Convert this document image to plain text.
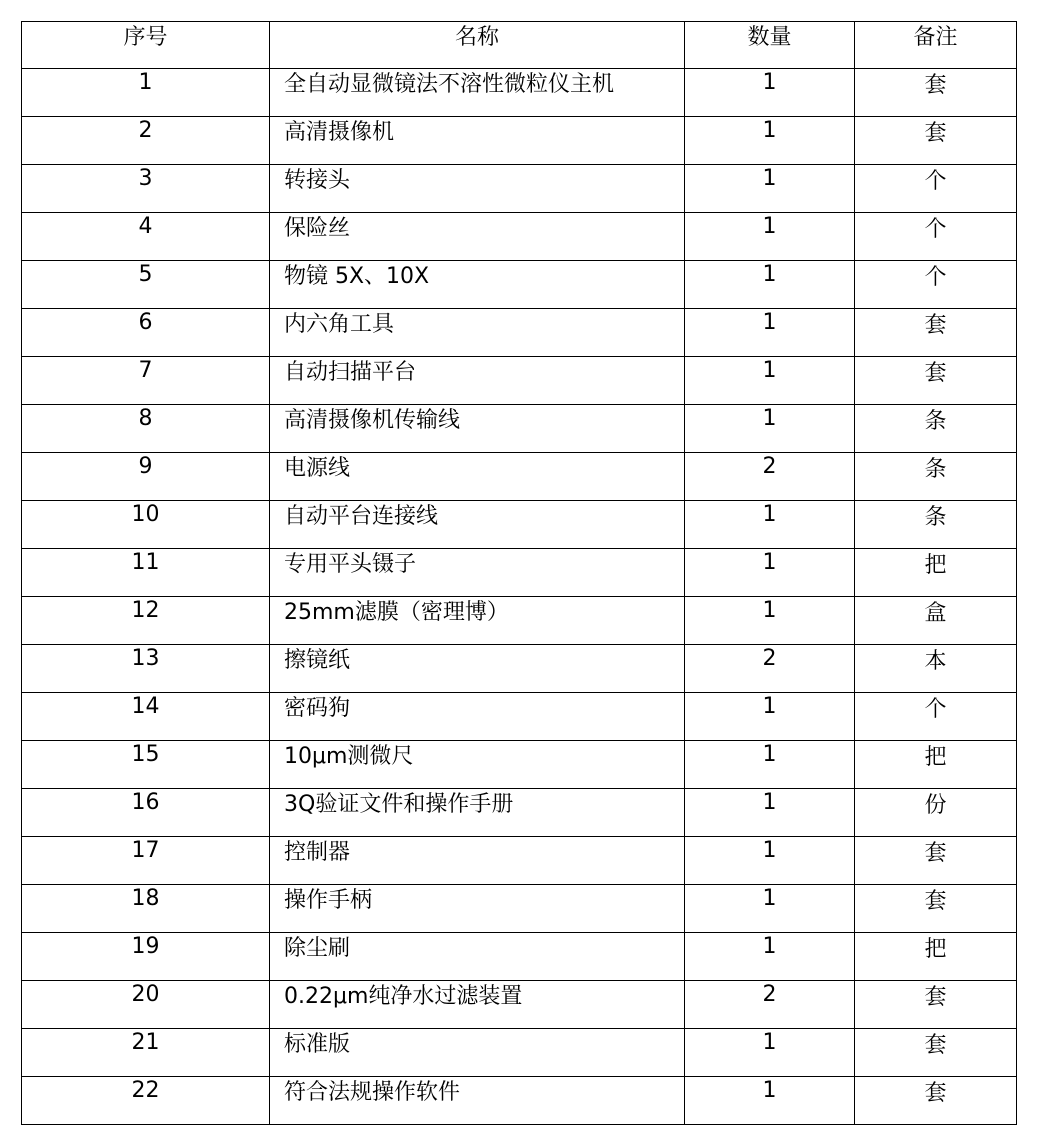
序号	名称	数量	备注
1	全自动显微镜法不溶性微粒仪主机	1	套
2	高清摄像机	1	套
3	转接头	1	个
4	保险丝	1	个
5	物镜 5X、10X	1	个
6	内六角工具	1	套
7	自动扫描平台	1	套
8	高清摄像机传输线	1	条
9	电源线	2	条
10	自动平台连接线	1	条
11	专用平头镊子	1	把
12	25mm滤膜（密理博）	1	盒
13	擦镜纸	2	本
14	密码狗	1	个
15	10μm测微尺	1	把
16	3Q验证文件和操作手册	1	份
17	控制器	1	套
18	操作手柄	1	套
19	除尘刷	1	把
20	0.22μm纯净水过滤装置	2	套
21	标准版	1	套
22	符合法规操作软件	1	套
